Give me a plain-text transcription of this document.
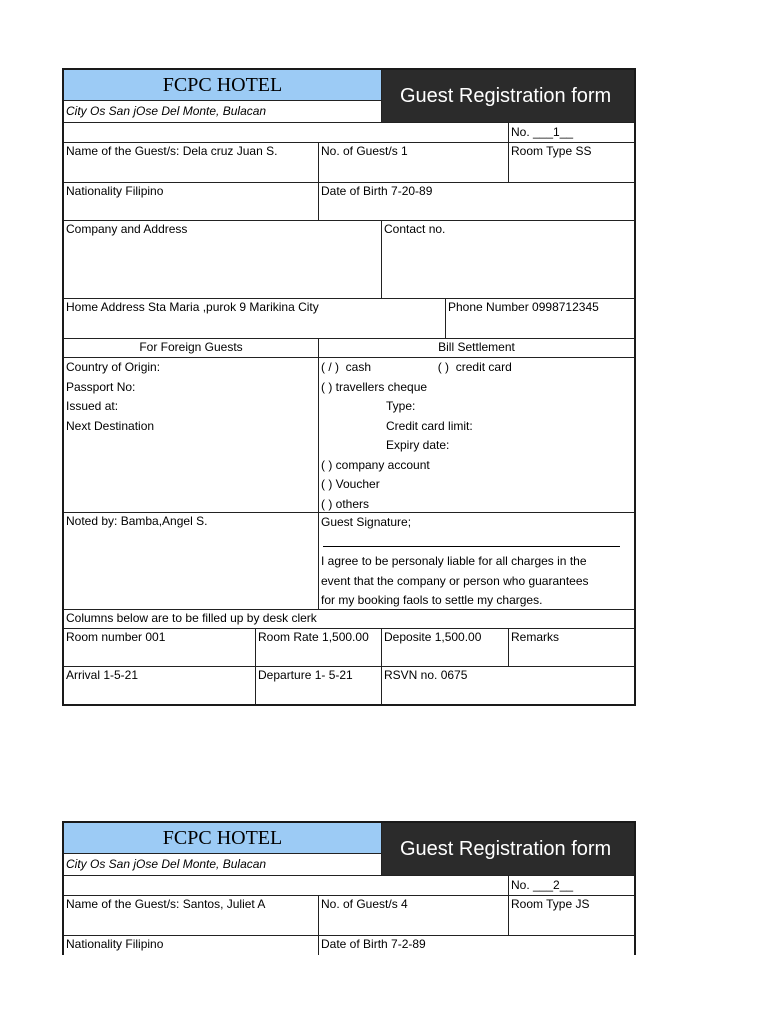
FCPC HOTEL
City Os San jOse Del Monte, Bulacan
Guest Registration form
No. ___1__
Name of the Guest/s: Dela cruz Juan S.	No. of Guest/s 1	Room Type SS
Nationality Filipino	Date of Birth 7-20-89
Company and Address	Contact no.
Home Address Sta Maria ,purok 9 Marikina City	Phone Number 0998712345
For Foreign Guests	Bill Settlement
Country of Origin:
Passport No:
Issued at:
Next Destination
( / ) cash	( ) credit card
( ) travellers cheque
Type:
Credit card limit:
Expiry date:
( ) company account
( ) Voucher
( ) others
Noted by: Bamba,Angel S.	Guest Signature;
I agree to be personaly liable for all charges in the
event that the company or person who guarantees
for my booking faols to settle my charges.
Columns below are to be filled up by desk clerk
Room number 001	Room Rate 1,500.00	Deposite 1,500.00	Remarks
Arrival 1-5-21	Departure 1- 5-21	RSVN no. 0675
FCPC HOTEL
City Os San jOse Del Monte, Bulacan
Guest Registration form
No. ___2__
Name of the Guest/s: Santos, Juliet A	No. of Guest/s 4	Room Type JS
Nationality Filipino	Date of Birth 7-2-89
